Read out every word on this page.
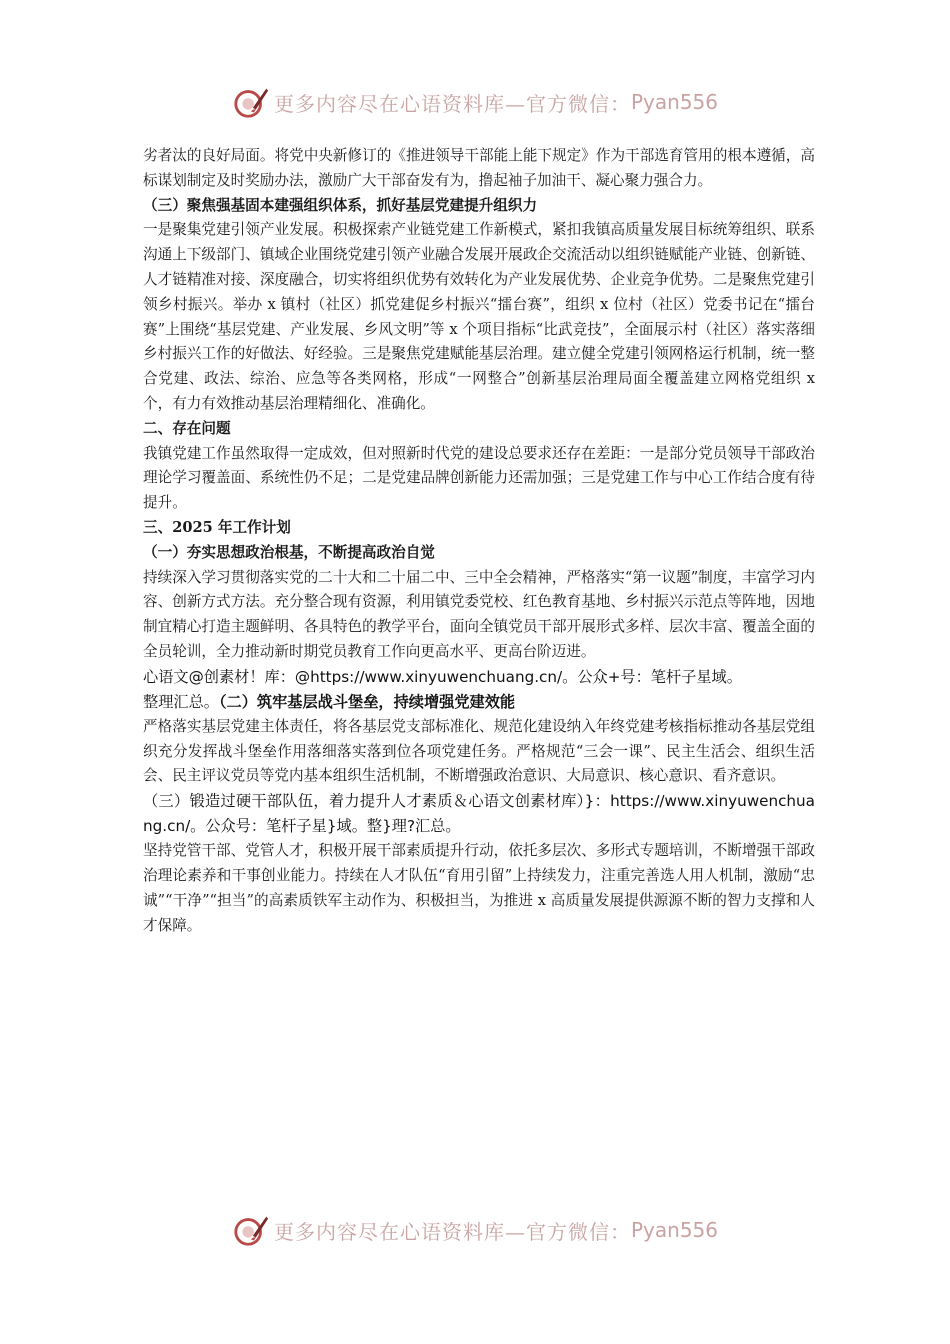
更多内容尽在心语资料库—官方微信： Pyan556

劣者汰的良好局面。将党中央新修订的《推进领导干部能上能下规定》作为干部选育管用的根本遵循，高标谋划制定及时奖励办法，激励广大干部奋发有为，撸起袖子加油干、凝心聚力强合力。

（三）聚焦强基固本建强组织体系，抓好基层党建提升组织力

一是聚集党建引领产业发展。积极探索产业链党建工作新模式，紧扣我镇高质量发展目标统筹组织、联系沟通上下级部门、镇域企业围绕党建引领产业融合发展开展政企交流活动以组织链赋能产业链、创新链、人才链精准对接、深度融合，切实将组织优势有效转化为产业发展优势、企业竞争优势。二是聚焦党建引领乡村振兴。举办 x 镇村（社区）抓党建促乡村振兴“擂台赛”，组织 x 位村（社区）党委书记在“擂台赛”上围绕“基层党建、产业发展、乡风文明”等 x 个项目指标“比武竞技”，全面展示村（社区）落实落细乡村振兴工作的好做法、好经验。三是聚焦党建赋能基层治理。建立健全党建引领网格运行机制，统一整合党建、政法、综治、应急等各类网格，形成“一网整合”创新基层治理局面全覆盖建立网格党组织 x 个，有力有效推动基层治理精细化、准确化。

二、存在问题

我镇党建工作虽然取得一定成效，但对照新时代党的建设总要求还存在差距：一是部分党员领导干部政治理论学习覆盖面、系统性仍不足；二是党建品牌创新能力还需加强；三是党建工作与中心工作结合度有待提升。

三、2025 年工作计划

（一）夯实思想政治根基，不断提高政治自觉

持续深入学习贯彻落实党的二十大和二十届二中、三中全会精神，严格落实“第一议题”制度，丰富学习内容、创新方式方法。充分整合现有资源，利用镇党委党校、红色教育基地、乡村振兴示范点等阵地，因地制宜精心打造主题鲜明、各具特色的教学平台，面向全镇党员干部开展形式多样、层次丰富、覆盖全面的全员轮训，全力推动新时期党员教育工作向更高水平、更高台阶迈进。

心语文@创素材！库：@https://www.xinyuwenchuang.cn/。公众+号：笔杆子星域。

整理汇总。（二）筑牢基层战斗堡垒，持续增强党建效能

严格落实基层党建主体责任，将各基层党支部标准化、规范化建设纳入年终党建考核指标推动各基层党组织充分发挥战斗堡垒作用落细落实落到位各项党建任务。严格规范“三会一课”、民主生活会、组织生活会、民主评议党员等党内基本组织生活机制，不断增强政治意识、大局意识、核心意识、看齐意识。

（三）锻造过硬干部队伍，着力提升人才素质＆心语文创素材库）}：https://www.xinyuwenchuang.cn/。公众号：笔杆子星}域。整}理?汇总。

坚持党管干部、党管人才，积极开展干部素质提升行动，依托多层次、多形式专题培训，不断增强干部政治理论素养和干事创业能力。持续在人才队伍“育用引留”上持续发力，注重完善选人用人机制，激励“忠诚”“干净”“担当”的高素质铁军主动作为、积极担当，为推进 x 高质量发展提供源源不断的智力支撑和人才保障。

更多内容尽在心语资料库—官方微信： Pyan556
